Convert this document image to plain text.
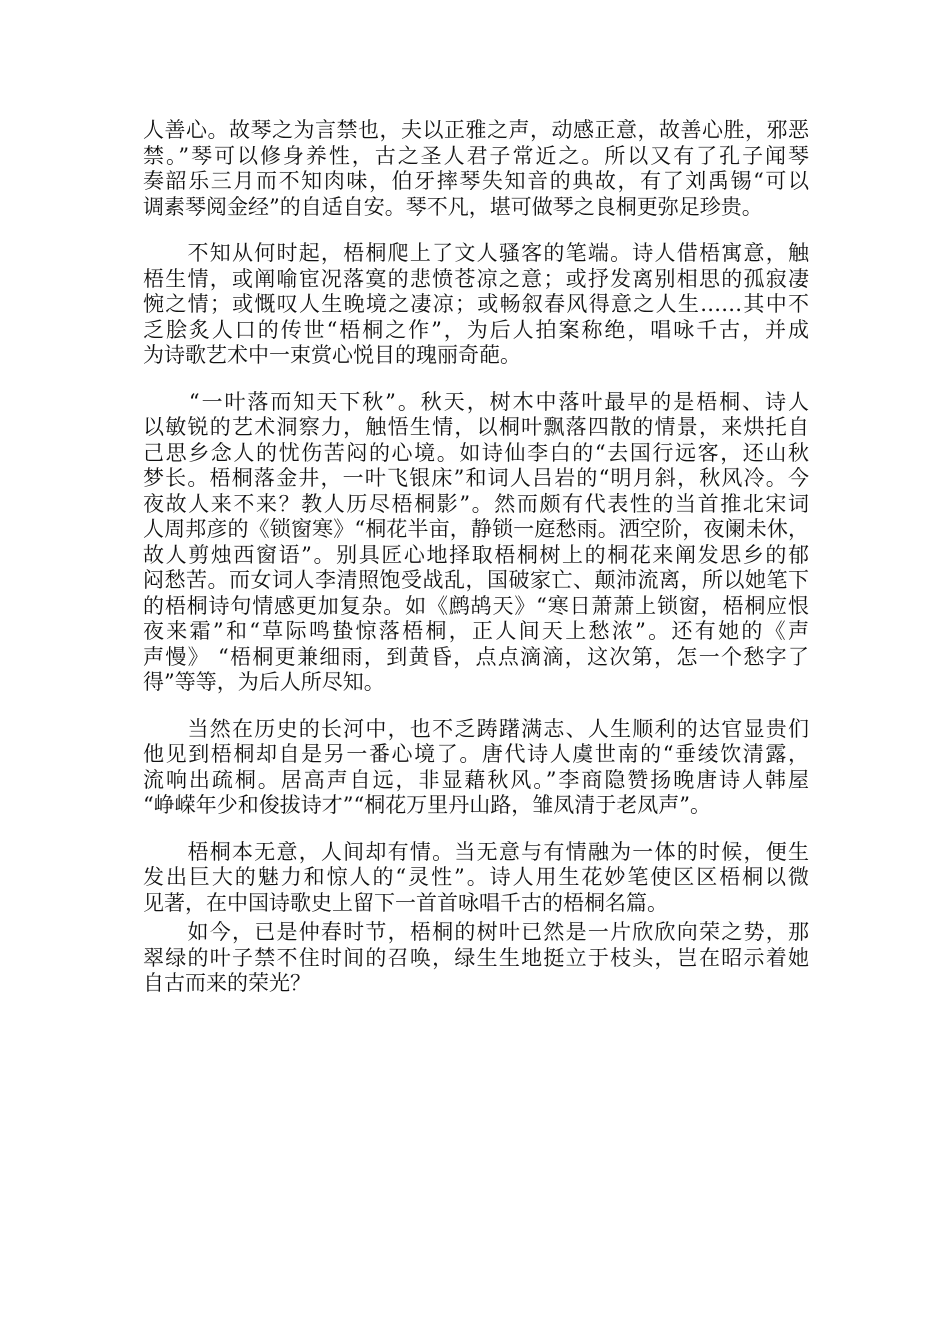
人善心。故琴之为言禁也，夫以正雅之声，动感正意，故善心胜，邪恶
禁。”琴可以修身养性，古之圣人君子常近之。所以又有了孔子闻琴
奏韶乐三月而不知肉味，伯牙摔琴失知音的典故，有了刘禹锡“可以
调素琴阅金经”的自适自安。琴不凡，堪可做琴之良桐更弥足珍贵。
　　不知从何时起，梧桐爬上了文人骚客的笔端。诗人借梧寓意，触
梧生情，或阐喻宦况落寞的悲愤苍凉之意；或抒发离别相思的孤寂凄
惋之情；或慨叹人生晚境之凄凉；或畅叙春风得意之人生……其中不
乏脍炙人口的传世“梧桐之作”，为后人拍案称绝，唱咏千古，并成
为诗歌艺术中一束赏心悦目的瑰丽奇葩。
　　“一叶落而知天下秋”。秋天，树木中落叶最早的是梧桐、诗人
以敏锐的艺术洞察力，触悟生情，以桐叶飘落四散的情景，来烘托自
己思乡念人的忧伤苦闷的心境。如诗仙李白的“去国行远客，还山秋
梦长。梧桐落金井，一叶飞银床”和词人吕岩的“明月斜，秋风冷。今
夜故人来不来？教人历尽梧桐影”。然而颇有代表性的当首推北宋词
人周邦彦的《锁窗寒》“桐花半亩，静锁一庭愁雨。洒空阶，夜阑未休，
故人剪烛西窗语”。别具匠心地择取梧桐树上的桐花来阐发思乡的郁
闷愁苦。而女词人李清照饱受战乱，国破家亡、颠沛流离，所以她笔下
的梧桐诗句情感更加复杂。如《鹧鸪天》“寒日萧萧上锁窗，梧桐应恨
夜来霜”和“草际鸣蛰惊落梧桐，正人间天上愁浓”。还有她的《声
声慢》 “梧桐更兼细雨，到黄昏，点点滴滴，这次第，怎一个愁字了
得”等等，为后人所尽知。
　　当然在历史的长河中，也不乏踌躇满志、人生顺利的达官显贵们
他见到梧桐却自是另一番心境了。唐代诗人虞世南的“垂绫饮清露，
流响出疏桐。居高声自远，非显藉秋风。”李商隐赞扬晚唐诗人韩屋
“峥嵘年少和俊拔诗才”“桐花万里丹山路，雏凤清于老凤声”。
　　梧桐本无意，人间却有情。当无意与有情融为一体的时候，便生
发出巨大的魅力和惊人的“灵性”。诗人用生花妙笔使区区梧桐以微
见著，在中国诗歌史上留下一首首咏唱千古的梧桐名篇。
　　如今，已是仲春时节，梧桐的树叶已然是一片欣欣向荣之势，那
翠绿的叶子禁不住时间的召唤，绿生生地挺立于枝头，岂在昭示着她
自古而来的荣光？
